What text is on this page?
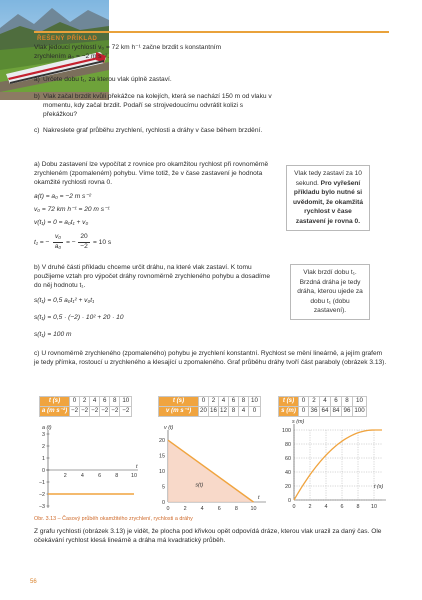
ŘEŠENÝ PŘÍKLAD
Vlak jedoucí rychlostí v₀ = 72 km h⁻¹ začne brzdit s konstantním
zrychlením a₀ = −2 m s⁻².
a) Určete dobu t₁, za kterou vlak úplně zastaví.
b) Vlak začal brzdit kvůli překážce na kolejích, která se nachází 150 m od vlaku v momentu, kdy začal brzdit. Podaří se strojvedoucímu odvrátit kolizi s překážkou?
c) Nakreslete graf průběhu zrychlení, rychlosti a dráhy v čase během brzdění.
a) Dobu zastavení lze vypočítat z rovnice pro okamžitou rychlost při rovnoměrně zrychleném (zpomaleném) pohybu. Víme totiž, že v čase zastavení je hodnota okamžité rychlosti rovna 0.
a(t) = a₀ = −2 m s⁻²
v₀ = 72 km h⁻¹ = 20 m s⁻¹
v(t₁) = 0 = a₀t₁ + v₀
t₁ = −
v₀
a₀
= −
20
−2
= 10 s
Vlak tedy zastaví za 10 sekund. Pro vyřešení příkladu bylo nutné si uvědomit, že okamžitá rychlost v čase zastavení je rovna 0.
b) V druhé části příkladu chceme určit dráhu, na které vlak zastaví. K tomu použijeme vztah pro výpočet dráhy rovnoměrně zrychleného pohybu a dosadíme do něj hodnotu t₁.
s(t₁) = 0,5 a₀t₁² + v₀t₁
s(t₁) = 0,5 · (−2) · 10² + 20 · 10
s(t₁) = 100 m
Vlak brzdí dobu t₁. Brzdná dráha je tedy dráha, kterou ujede za dobu t₁ (dobu zastavení).
c) U rovnoměrně zrychleného (zpomaleného) pohybu je zrychlení konstantní. Rychlost se mění lineárně, a jejím grafem je tedy přímka, rostoucí u zrychleného a klesající u zpomaleného. Graf průběhu dráhy tvoří část paraboly (obrázek 3.13).
t (s)	0	2	4	6	8	10
a (m s⁻²)	−2	−2	−2	−2	−2	−2
t (s)	0	2	4	6	8	10
v (m s⁻¹)	20	16	12	8	4	0
t (s)	0	2	4	6	8	10
s (m)	0	36	64	84	96	100
a (t)
t
3
2
1
0
−1
−2
−3
2	4	6	8 10
v (t)
t
s(t)
20
15
10
5
0
0	2	4	6	8 10
s (m)
t (s)
100
80
60
40
20
0
0 2 4 6 8 10
Obr. 3.13 – Časový průběh okamžitého zrychlení, rychlosti a dráhy
Z grafu rychlosti (obrázek 3.13) je vidět, že plocha pod křivkou opět odpovídá dráze, kterou vlak urazil za daný čas. Ole očekávání rychlost klesá lineárně a dráha má kvadratický průběh.
56
